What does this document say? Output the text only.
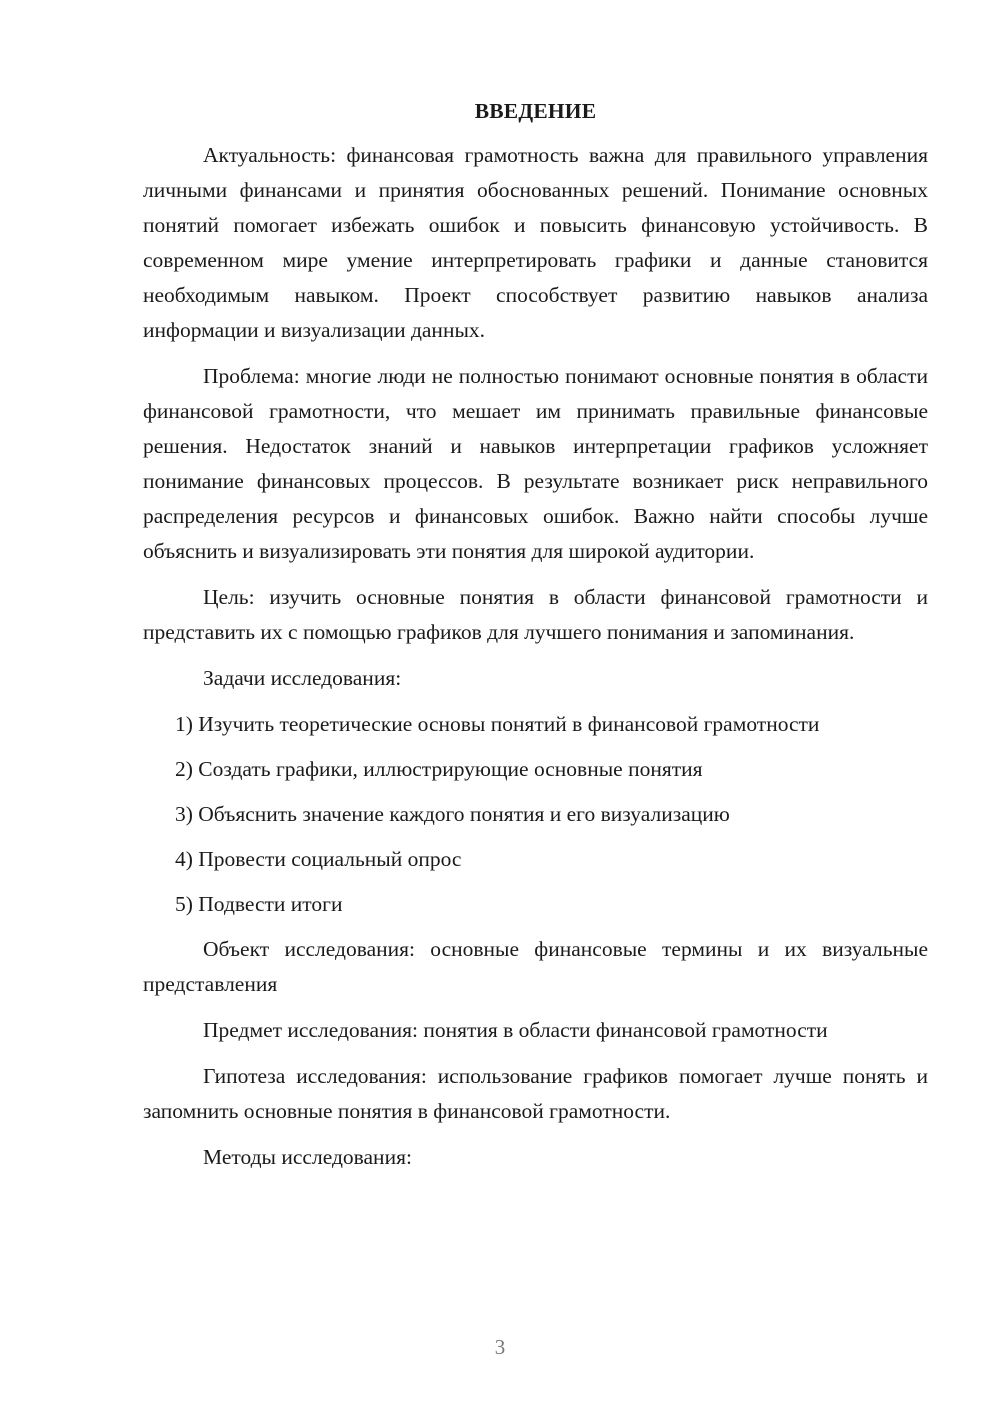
ВВЕДЕНИЕ

Актуальность: финансовая грамотность важна для правильного управления личными финансами и принятия обоснованных решений. Понимание основных понятий помогает избежать ошибок и повысить финансовую устойчивость. В современном мире умение интерпретировать графики и данные становится необходимым навыком. Проект способствует развитию навыков анализа информации и визуализации данных.

Проблема: многие люди не полностью понимают основные понятия в области финансовой грамотности, что мешает им принимать правильные финансовые решения. Недостаток знаний и навыков интерпретации графиков усложняет понимание финансовых процессов. В результате возникает риск неправильного распределения ресурсов и финансовых ошибок. Важно найти способы лучше объяснить и визуализировать эти понятия для широкой аудитории.

Цель: изучить основные понятия в области финансовой грамотности и представить их с помощью графиков для лучшего понимания и запоминания.

Задачи исследования:

1) Изучить теоретические основы понятий в финансовой грамотности
2) Создать графики, иллюстрирующие основные понятия
3) Объяснить значение каждого понятия и его визуализацию
4) Провести социальный опрос
5) Подвести итоги

Объект исследования: основные финансовые термины и их визуальные представления

Предмет исследования: понятия в области финансовой грамотности

Гипотеза исследования: использование графиков помогает лучше понять и запомнить основные понятия в финансовой грамотности.

Методы исследования:

3
